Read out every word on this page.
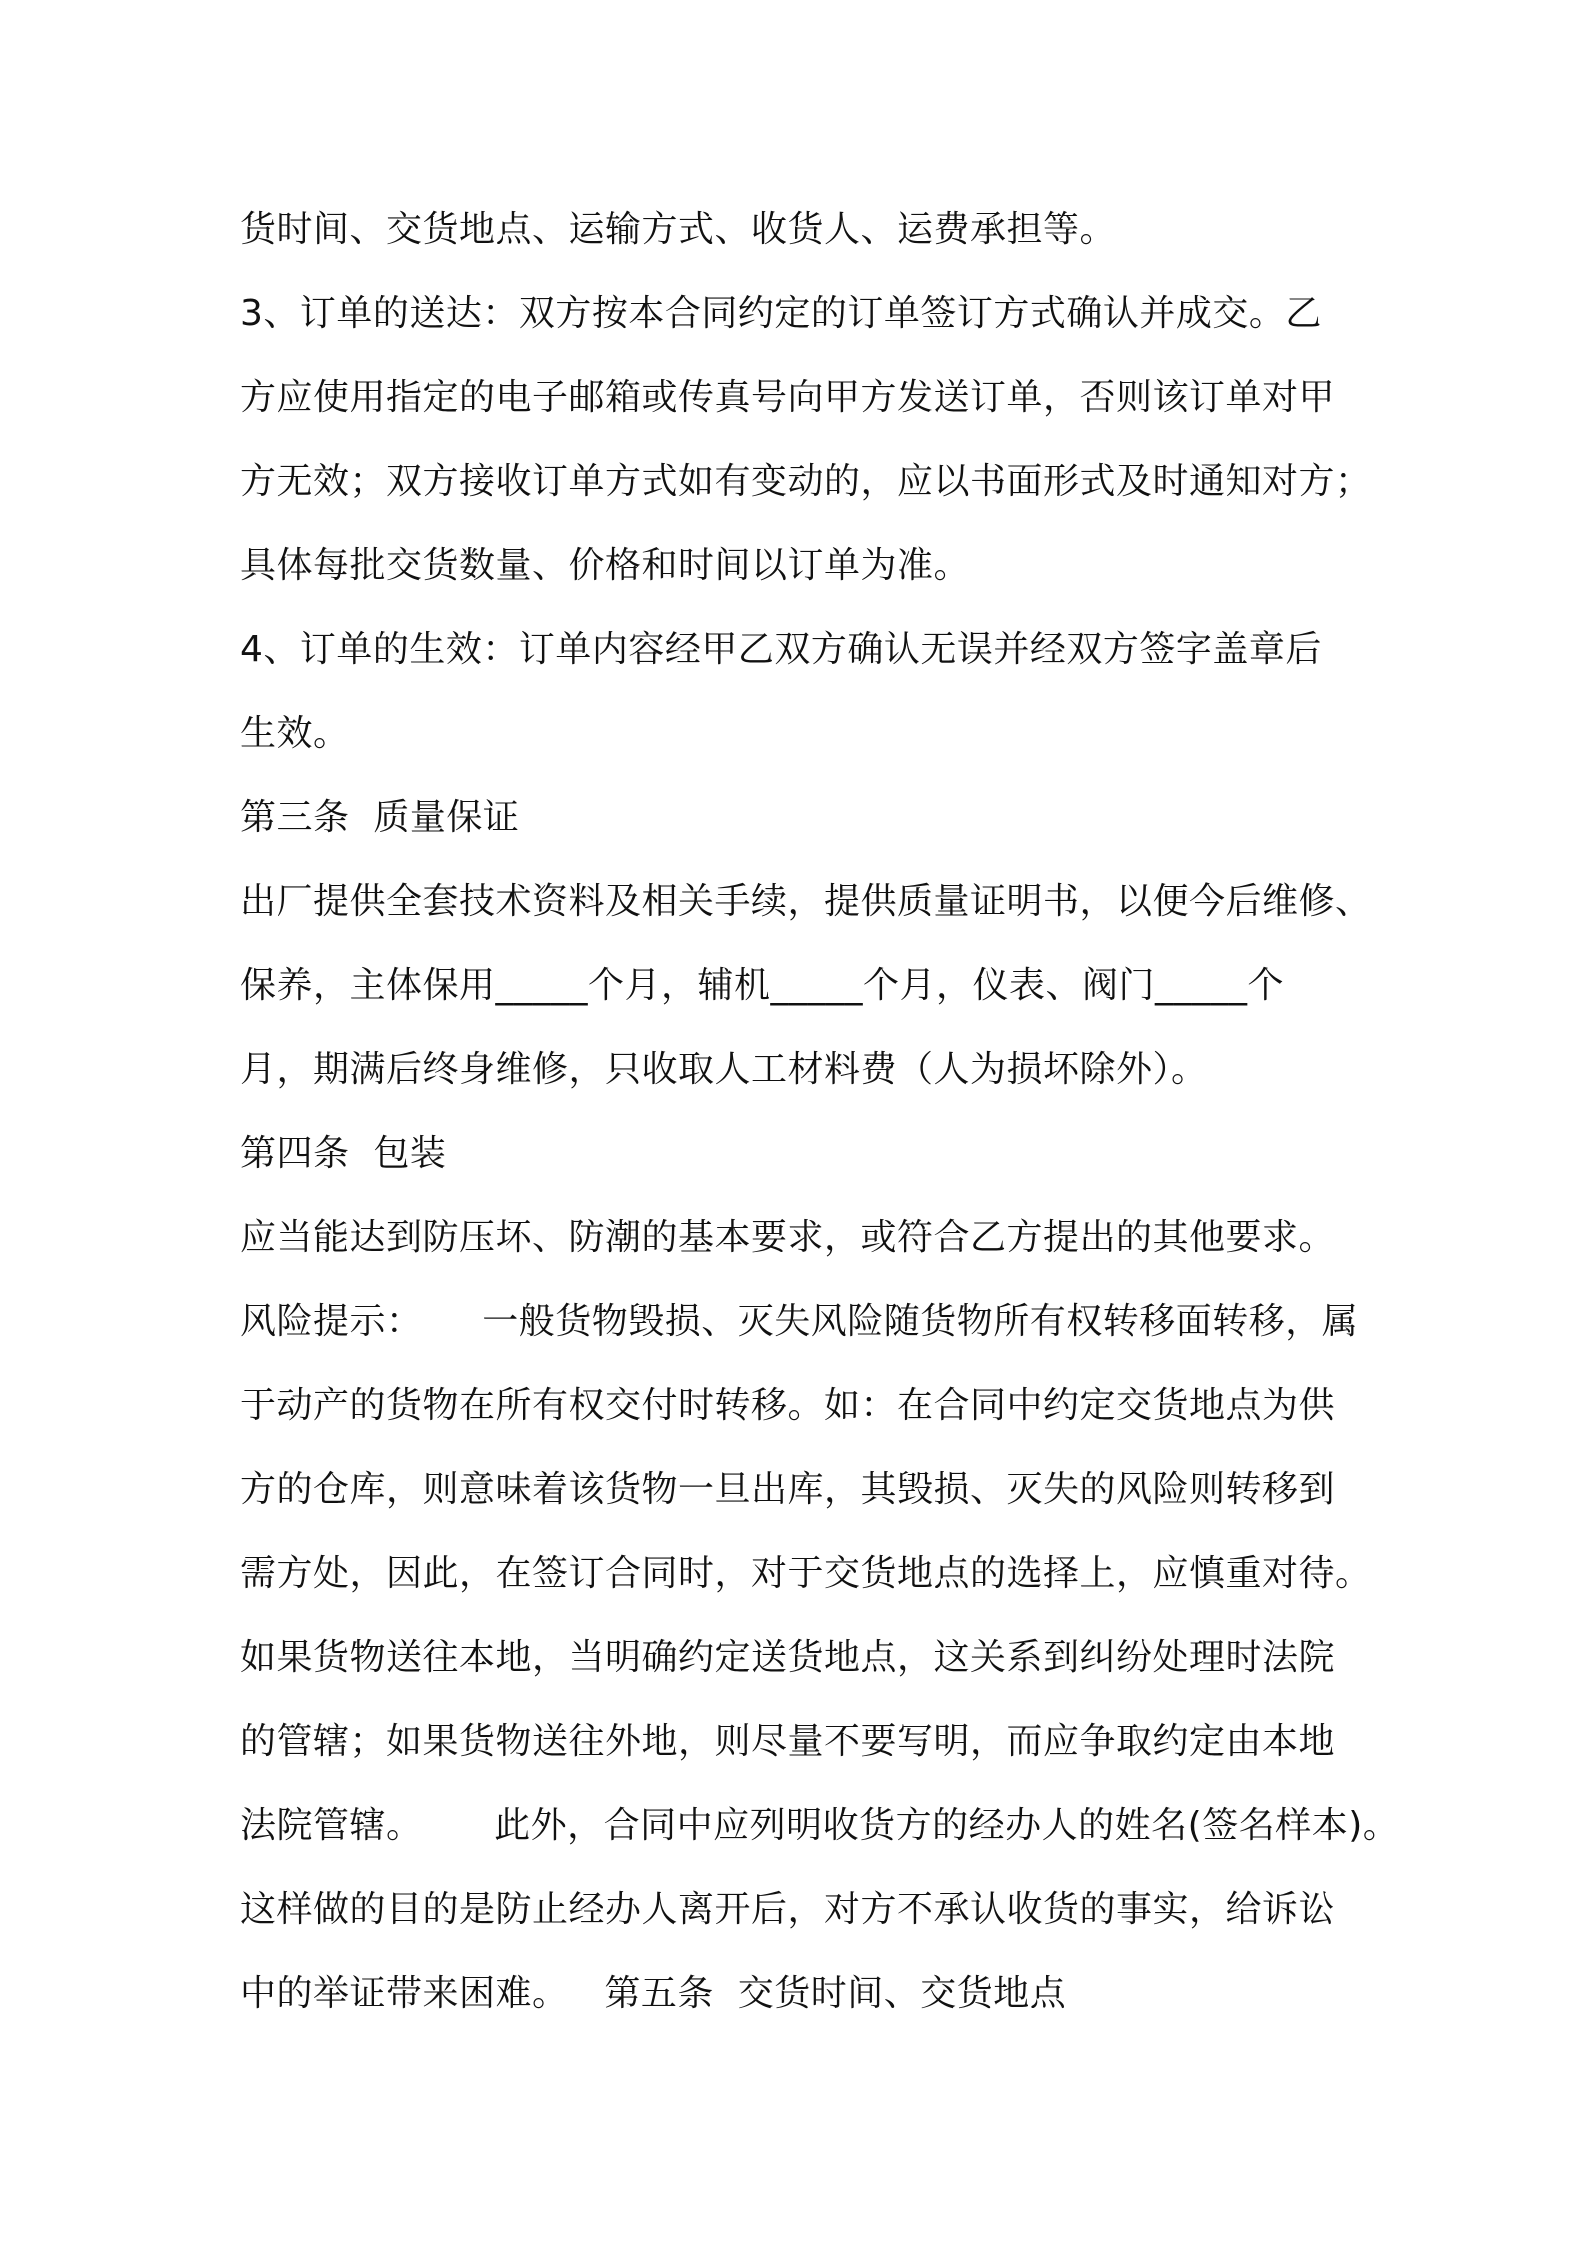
货时间、交货地点、运输方式、收货人、运费承担等。
3、订单的送达：双方按本合同约定的订单签订方式确认并成交。乙
方应使用指定的电子邮箱或传真号向甲方发送订单，否则该订单对甲
方无效；双方接收订单方式如有变动的，应以书面形式及时通知对方；
具体每批交货数量、价格和时间以订单为准。
4、订单的生效：订单内容经甲乙双方确认无误并经双方签字盖章后
生效。
第三条  质量保证
出厂提供全套技术资料及相关手续，提供质量证明书，以便今后维修、
保养，主体保用_____个月，辅机_____个月，仪表、阀门_____个
月，期满后终身维修，只收取人工材料费（人为损坏除外）。
第四条  包装
应当能达到防压坏、防潮的基本要求，或符合乙方提出的其他要求。
风险提示：     一般货物毁损、灭失风险随货物所有权转移面转移，属
于动产的货物在所有权交付时转移。如：在合同中约定交货地点为供
方的仓库，则意味着该货物一旦出库，其毁损、灭失的风险则转移到
需方处，因此，在签订合同时，对于交货地点的选择上，应慎重对待。
如果货物送往本地，当明确约定送货地点，这关系到纠纷处理时法院
的管辖；如果货物送往外地，则尽量不要写明，而应争取约定由本地
法院管辖。      此外，合同中应列明收货方的经办人的姓名(签名样本)。
这样做的目的是防止经办人离开后，对方不承认收货的事实，给诉讼
中的举证带来困难。   第五条  交货时间、交货地点
